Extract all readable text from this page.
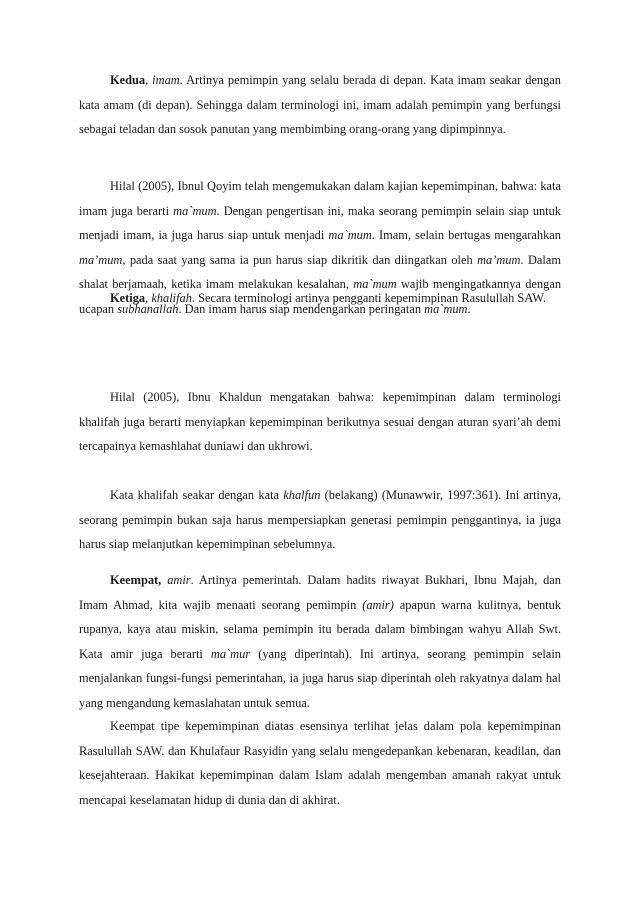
Kedua, imam. Artinya pemimpin yang selalu berada di depan. Kata imam seakar dengan kata amam (di depan). Sehingga dalam terminologi ini, imam adalah pemimpin yang berfungsi sebagai teladan dan sosok panutan yang membimbing orang-orang yang dipimpinnya.

Hilal (2005), Ibnul Qoyim telah mengemukakan dalam kajian kepemimpinan, bahwa: kata imam juga berarti ma`mum. Dengan pengertisan ini, maka seorang pemimpin selain siap untuk menjadi imam, ia juga harus siap untuk menjadi ma`mum. Imam, selain bertugas mengarahkan ma’mum, pada saat yang sama ia pun harus siap dikritik dan diingatkan oleh ma’mum. Dalam shalat berjamaah, ketika imam melakukan kesalahan, ma`mum wajib mengingatkannya dengan ucapan subhanallah. Dan imam harus siap mendengarkan peringatan ma`mum.

Ketiga, khalifah. Secara terminologi artinya pengganti kepemimpinan Rasulullah SAW.

Hilal (2005), Ibnu Khaldun mengatakan bahwa: kepemimpinan dalam terminologi khalifah juga berarti menyiapkan kepemimpinan berikutnya sesuai dengan aturan syari’ah demi tercapainya kemashlahat duniawi dan ukhrowi.

Kata khalifah seakar dengan kata khalfun (belakang) (Munawwir, 1997:361). Ini artinya, seorang pemimpin bukan saja harus mempersiapkan generasi pemimpin penggantinya, ia juga harus siap melanjutkan kepemimpinan sebelumnya.

Keempat, amir. Artinya pemerintah. Dalam hadits riwayat Bukhari, Ibnu Majah, dan Imam Ahmad, kita wajib menaati seorang pemimpin (amir) apapun warna kulitnya, bentuk rupanya, kaya atau miskin, selama pemimpin itu berada dalam bimbingan wahyu Allah Swt. Kata amir juga berarti ma`mur (yang diperintah). Ini artinya, seorang pemimpin selain menjalankan fungsi-fungsi pemerintahan, ia juga harus siap diperintah oleh rakyatnya dalam hal yang mengandung kemaslahatan untuk semua.

Keempat tipe kepemimpinan diatas esensinya terlihat jelas dalam pola kepemimpinan Rasulullah SAW. dan Khulafaur Rasyidin yang selalu mengedepankan kebenaran, keadilan, dan kesejahteraan. Hakikat kepemimpinan dalam Islam adalah mengemban amanah rakyat untuk mencapai keselamatan hidup di dunia dan di akhirat.
